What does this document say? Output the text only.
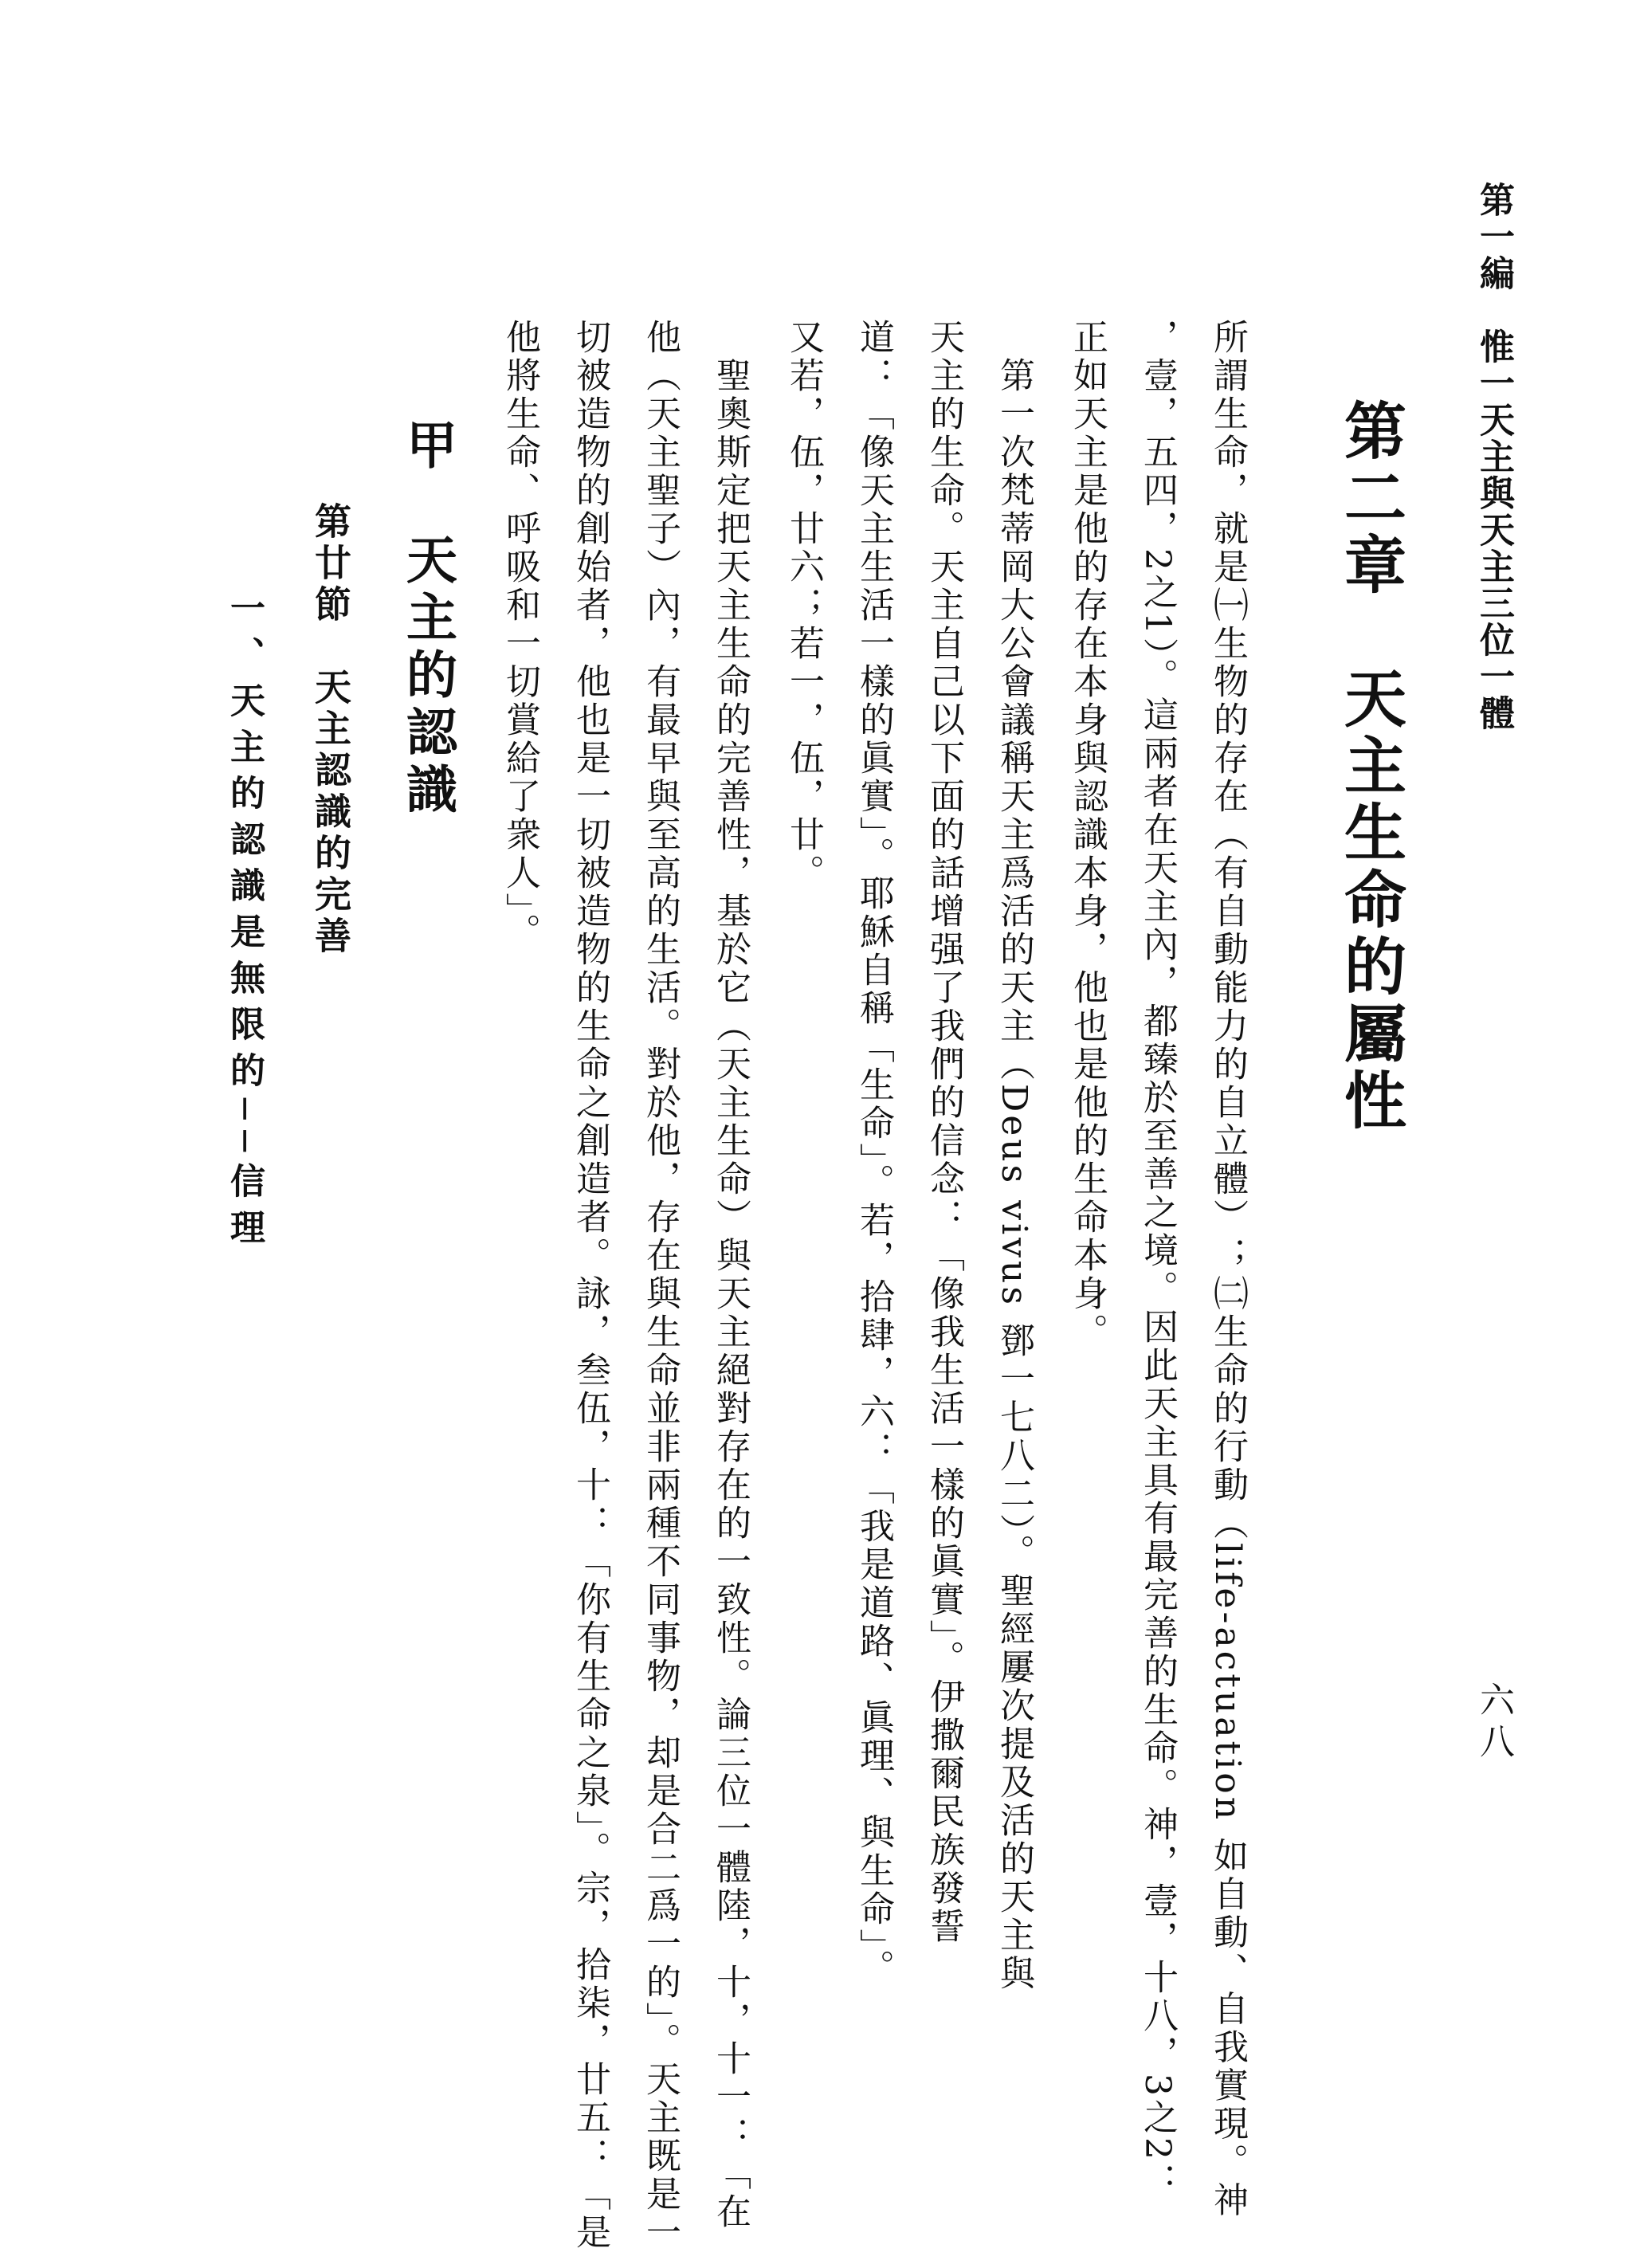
第一編　惟一天主與天主三位一體

六八

第二章　天主生命的屬性

所謂生命，就是㈠生物的存在（有自動能力的自立體）；㈡生命的行動（life-actuation 如自動、自我實現。神

，壹，五四，2之1）。這兩者在天主內，都臻於至善之境。因此天主具有最完善的生命。神，壹，十八，3之2：

正如天主是他的存在本身與認識本身，他也是他的生命本身。

第一次梵蒂岡大公會議稱天主爲活的天主（Deus vivus 鄧一七八二）。聖經屢次提及活的天主與

天主的生命。天主自己以下面的話增强了我們的信念：「像我生活一樣的眞實」。伊撒爾民族發誓

道：「像天主生活一樣的眞實」。耶穌自稱「生命」。若，拾肆，六：「我是道路、眞理、與生命」。

又若，伍，廿六；若一，伍，廿。

聖奧斯定把天主生命的完善性，基於它（天主生命）與天主絕對存在的一致性。論三位一體陸，十，十一：「在

他（天主聖子）內，有最早與至高的生活。對於他，存在與生命並非兩種不同事物，却是合二爲一的」。天主既是一

切被造物的創始者，他也是一切被造物的生命之創造者。詠，叁伍，十：「你有生命之泉」。宗，拾柒，廿五：「是

他將生命、呼吸和一切賞給了衆人」。

甲　天主的認識
第廿節　天主認識的完善
一、天主的認識是無限的──信理
